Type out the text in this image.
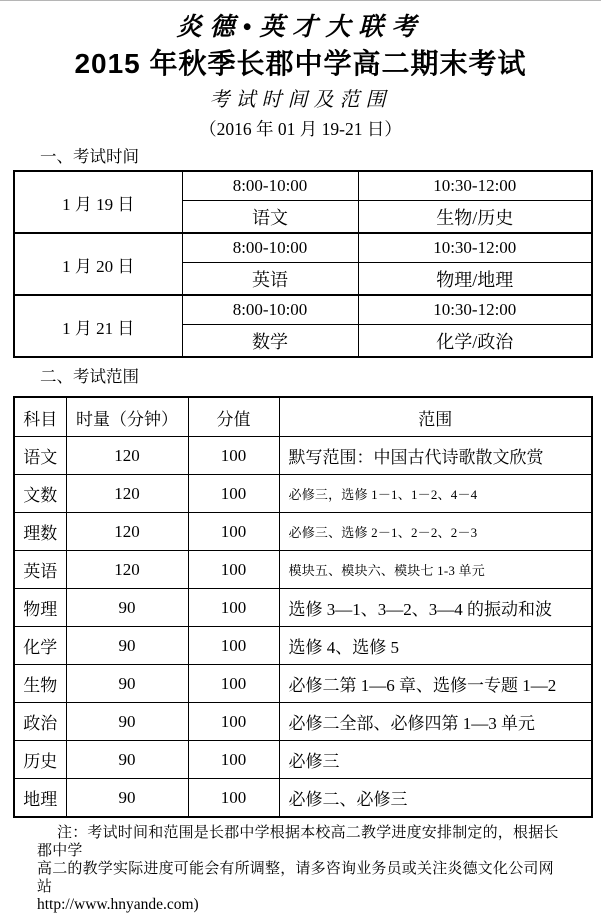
炎德•英才大联考
2015 年秋季长郡中学高二期末考试
考试时间及范围
（2016 年 01 月 19-21 日）
一、考试时间
1 月 19 日	8:00-10:00	10:30-12:00
	语文	生物/历史
1 月 20 日	8:00-10:00	10:30-12:00
	英语	物理/地理
1 月 21 日	8:00-10:00	10:30-12:00
	数学	化学/政治
二、考试范围
科目	时量（分钟）	分值	范围
语文	120	100	默写范围：中国古代诗歌散文欣赏
文数	120	100	必修三，选修 1－1、1－2、4－4
理数	120	100	必修三、选修 2－1、2－2、2－3
英语	120	100	模块五、模块六、模块七 1-3 单元
物理	90	100	选修 3—1、3—2、3—4 的振动和波
化学	90	100	选修 4、选修 5
生物	90	100	必修二第 1—6 章、选修一专题 1—2
政治	90	100	必修二全部、必修四第 1—3 单元
历史	90	100	必修三
地理	90	100	必修二、必修三
注：考试时间和范围是长郡中学根据本校高二教学进度安排制定的，根据长郡中学
高二的教学实际进度可能会有所调整，请多咨询业务员或关注炎德文化公司网站
http://www.hnyande.com)
